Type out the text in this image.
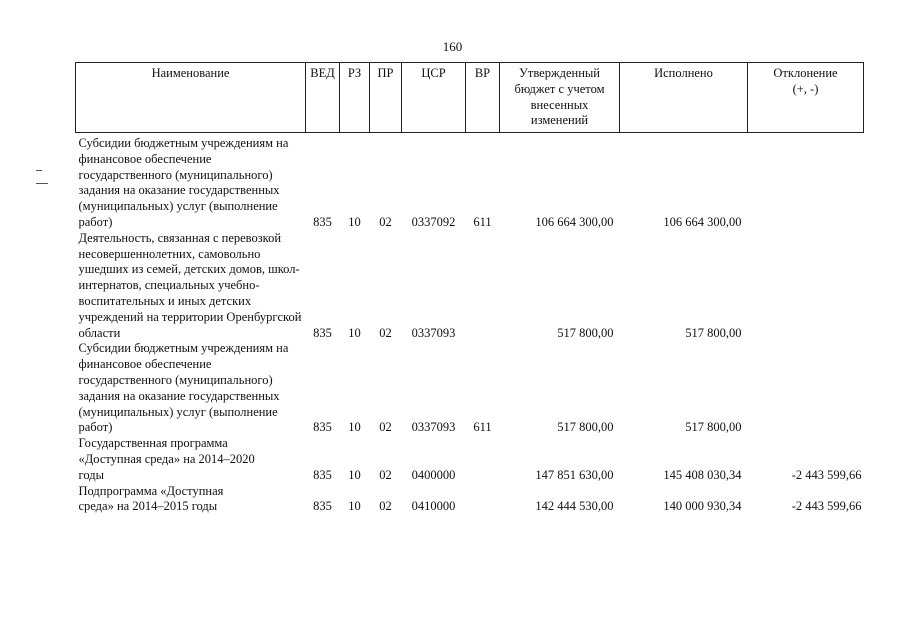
160
Наименование	ВЕД	РЗ	ПР	ЦСР	ВР	Утвержденный бюджет с учетом внесенных изменений	Исполнено	Отклонение (+, -)

Субсидии бюджетным учреждениям на финансовое обеспечение государственного (муниципального) задания на оказание государственных (муниципальных) услуг (выполнение работ)	835	10	02	0337092	611	106 664 300,00	106 664 300,00	

Деятельность, связанная с перевозкой несовершеннолетних, самовольно ушедших из семей, детских домов, школ-интернатов, специальных учебно-воспитательных и иных детских учреждений на территории Оренбургской области	835	10	02	0337093		517 800,00	517 800,00	

Субсидии бюджетным учреждениям на финансовое обеспечение государственного (муниципального) задания на оказание государственных (муниципальных) услуг (выполнение работ)	835	10	02	0337093	611	517 800,00	517 800,00	

Государственная программа «Доступная среда» на 2014–2020 годы	835	10	02	0400000		147 851 630,00	145 408 030,34	-2 443 599,66

Подпрограмма «Доступная среда» на 2014–2015 годы	835	10	02	0410000		142 444 530,00	140 000 930,34	-2 443 599,66
